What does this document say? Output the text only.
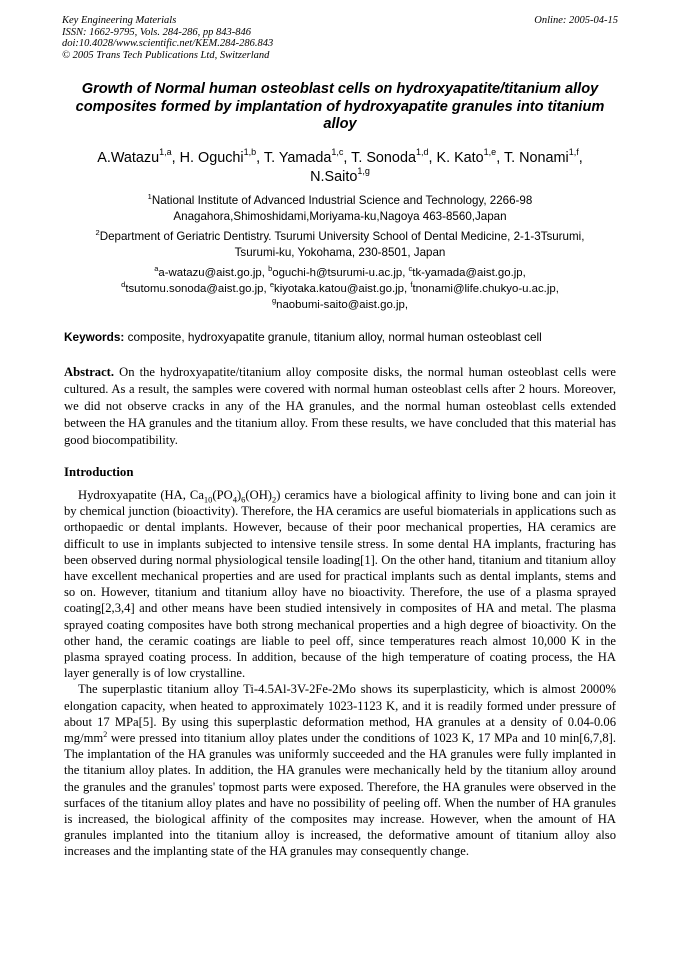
Key Engineering Materials
ISSN: 1662-9795, Vols. 284-286, pp 843-846
doi:10.4028/www.scientific.net/KEM.284-286.843
© 2005 Trans Tech Publications Ltd, Switzerland
Online: 2005-04-15
Growth of Normal human osteoblast cells on hydroxyapatite/titanium alloy composites formed by implantation of hydroxyapatite granules into titanium alloy
A.Watazu$^{1,a}$, H. Oguchi$^{1,b}$, T. Yamada$^{1,c}$, T. Sonoda$^{1,d}$, K. Kato$^{1,e}$, T. Nonami$^{1,f}$,
N.Saito$^{1,g}$
$^1$National Institute of Advanced Industrial Science and Technology, 2266-98
Anagahora,Shimoshidami,Moriyama-ku,Nagoya 463-8560,Japan
$^2$Department of Geriatric Dentistry. Tsurumi University School of Dental Medicine, 2-1-3Tsurumi,
Tsurumi-ku, Yokohama, 230-8501, Japan
$^a$a-watazu@aist.go.jp, $^b$oguchi-h@tsurumi-u.ac.jp, $^c$tk-yamada@aist.go.jp,
$^d$tsutomu.sonoda@aist.go.jp, $^e$kiyotaka.katou@aist.go.jp, $^f$tnonami@life.chukyo-u.ac.jp,
$^g$naobumi-saito@aist.go.jp,
Keywords: composite, hydroxyapatite granule, titanium alloy, normal human osteoblast cell
Abstract. On the hydroxyapatite/titanium alloy composite disks, the normal human osteoblast cells were cultured. As a result, the samples were covered with normal human osteoblast cells after 2 hours. Moreover, we did not observe cracks in any of the HA granules, and the normal human osteoblast cells extended between the HA granules and the titanium alloy. From these results, we have concluded that this material has good biocompatibility.
Introduction

Hydroxyapatite (HA, $Ca_{10}(PO_4)_6(OH)_2$) ceramics have a biological affinity to living bone and can join it by chemical junction (bioactivity). Therefore, the HA ceramics are useful biomaterials in applications such as orthopaedic or dental implants. However, because of their poor mechanical properties, HA ceramics are difficult to use in implants subjected to intensive tensile stress. In some dental HA implants, fracturing has been observed during normal physiological tensile loading[1]. On the other hand, titanium and titanium alloy have excellent mechanical properties and are used for practical implants such as dental implants, stems and so on. However, titanium and titanium alloy have no bioactivity. Therefore, the use of a plasma sprayed coating[2,3,4] and other means have been studied intensively in composites of HA and metal. The plasma sprayed coating composites have both strong mechanical properties and a high degree of bioactivity. On the other hand, the ceramic coatings are liable to peel off, since temperatures reach almost 10,000 K in the plasma sprayed coating process. In addition, because of the high temperature of coating process, the HA layer generally is of low crystalline.

The superplastic titanium alloy Ti-4.5Al-3V-2Fe-2Mo shows its superplasticity, which is almost 2000% elongation capacity, when heated to approximately 1023-1123 K, and it is readily formed under pressure of about 17 MPa[5]. By using this superplastic deformation method, HA granules at a density of 0.04-0.06 $mg/mm^2$ were pressed into titanium alloy plates under the conditions of 1023 K, 17 MPa and 10 min[6,7,8]. The implantation of the HA granules was uniformly succeeded and the HA granules were fully implanted in the titanium alloy plates. In addition, the HA granules were mechanically held by the titanium alloy around the granules and the granules' topmost parts were exposed. Therefore, the HA granules were observed in the surfaces of the titanium alloy plates and have no possibility of peeling off. When the number of HA granules is increased, the biological affinity of the composites may increase. However, when the amount of HA granules implanted into the titanium alloy is increased, the deformative amount of titanium alloy also increases and the implanting state of the HA granules may consequently change.
